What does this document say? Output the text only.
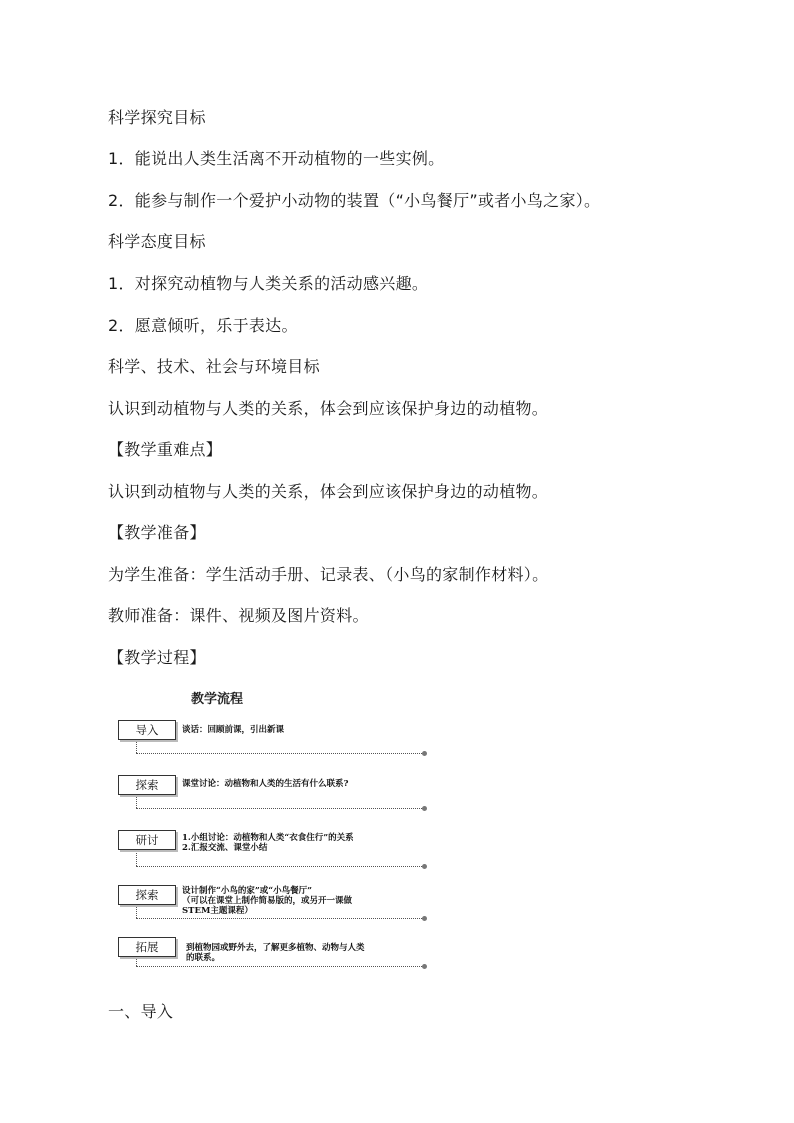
科学探究目标

1．能说出人类生活离不开动植物的一些实例。

2．能参与制作一个爱护小动物的装置（“小鸟餐厅”或者小鸟之家）。

科学态度目标

1．对探究动植物与人类关系的活动感兴趣。

2．愿意倾听，乐于表达。

科学、技术、社会与环境目标

认识到动植物与人类的关系，体会到应该保护身边的动植物。

【教学重难点】

认识到动植物与人类的关系，体会到应该保护身边的动植物。

【教学准备】

为学生准备：学生活动手册、记录表、（小鸟的家制作材料）。

教师准备：课件、视频及图片资料。

【教学过程】

教学流程
导入	谈话：回顾前课，引出新课
探索	课堂讨论：动植物和人类的生活有什么联系?
研讨	1.小组讨论：动植物和人类“衣食住行”的关系
2.汇报交流、课堂小结
探索	设计制作“小鸟的家”或“小鸟餐厅”
（可以在课堂上制作简易版的，或另开一课做
STEM主题课程）
拓展	到植物园或野外去，了解更多植物、动物与人类
的联系。

一、导入
